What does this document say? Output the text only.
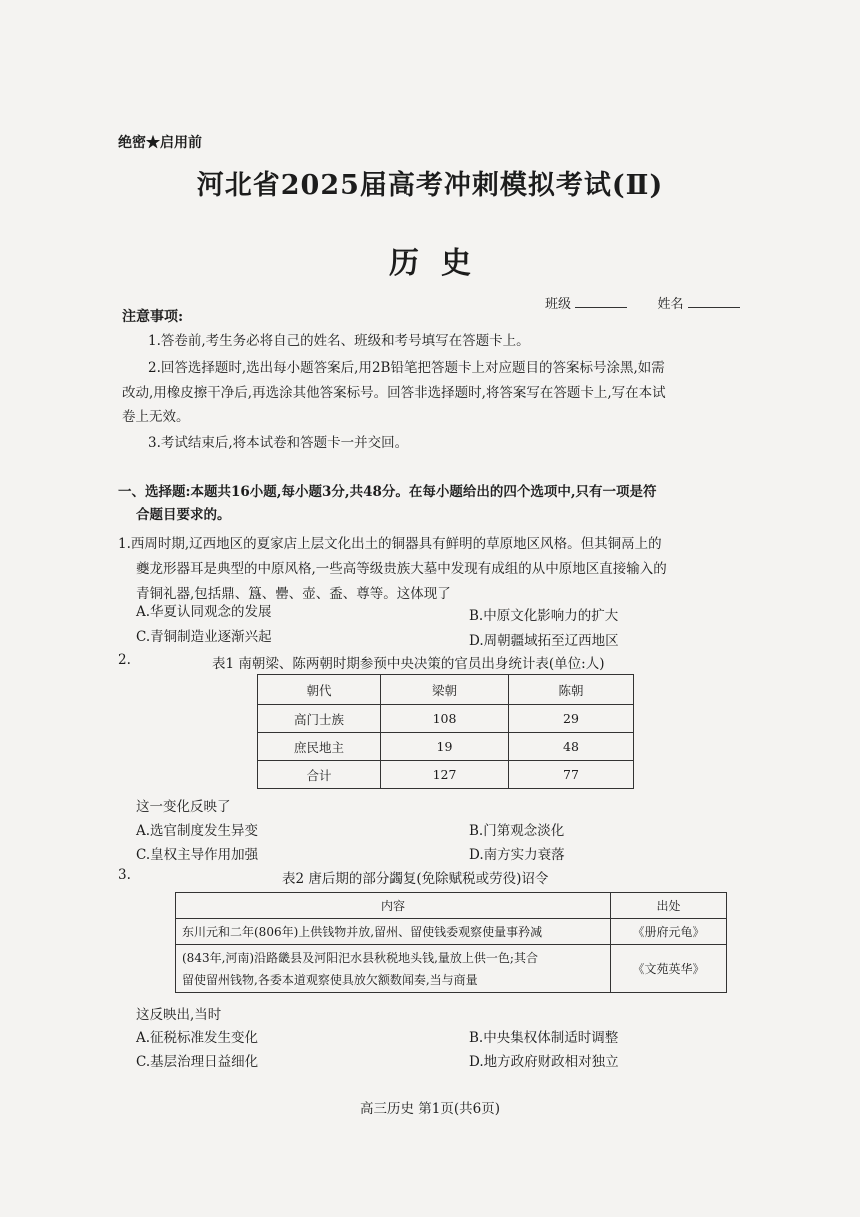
绝密★启用前
河北省2025届高考冲刺模拟考试(Ⅱ)
历史
班级	姓名
注意事项:
1.答卷前,考生务必将自己的姓名、班级和考号填写在答题卡上。
2.回答选择题时,选出每小题答案后,用2B铅笔把答题卡上对应题目的答案标号涂黑,如需
改动,用橡皮擦干净后,再选涂其他答案标号。回答非选择题时,将答案写在答题卡上,写在本试
卷上无效。
3.考试结束后,将本试卷和答题卡一并交回。
一、选择题:本题共16小题,每小题3分,共48分。在每小题给出的四个选项中,只有一项是符
合题目要求的。
1.西周时期,辽西地区的夏家店上层文化出土的铜器具有鲜明的草原地区风格。但其铜鬲上的
夔龙形器耳是典型的中原风格,一些高等级贵族大墓中发现有成组的从中原地区直接输入的
青铜礼器,包括鼎、簋、罍、壶、盉、尊等。这体现了
A.华夏认同观念的发展	B.中原文化影响力的扩大
C.青铜制造业逐渐兴起	D.周朝疆域拓至辽西地区
2.	表1 南朝梁、陈两朝时期参预中央决策的官员出身统计表(单位:人)
朝代	梁朝	陈朝
高门士族	108	29
庶民地主	19	48
合计	127	77
这一变化反映了
A.选官制度发生异变	B.门第观念淡化
C.皇权主导作用加强	D.南方实力衰落
3.	表2 唐后期的部分蠲复(免除赋税或劳役)诏令
内容	出处
东川元和二年(806年)上供钱物并放,留州、留使钱委观察使量事矜减	《册府元龟》
(843年,河南)沿路畿县及河阳汜水县秋税地头钱,量放上供一色;其合
留使留州钱物,各委本道观察使具放欠额数闻奏,当与商量	《文苑英华》
这反映出,当时
A.征税标准发生变化	B.中央集权体制适时调整
C.基层治理日益细化	D.地方政府财政相对独立
高三历史 第1页(共6页)
